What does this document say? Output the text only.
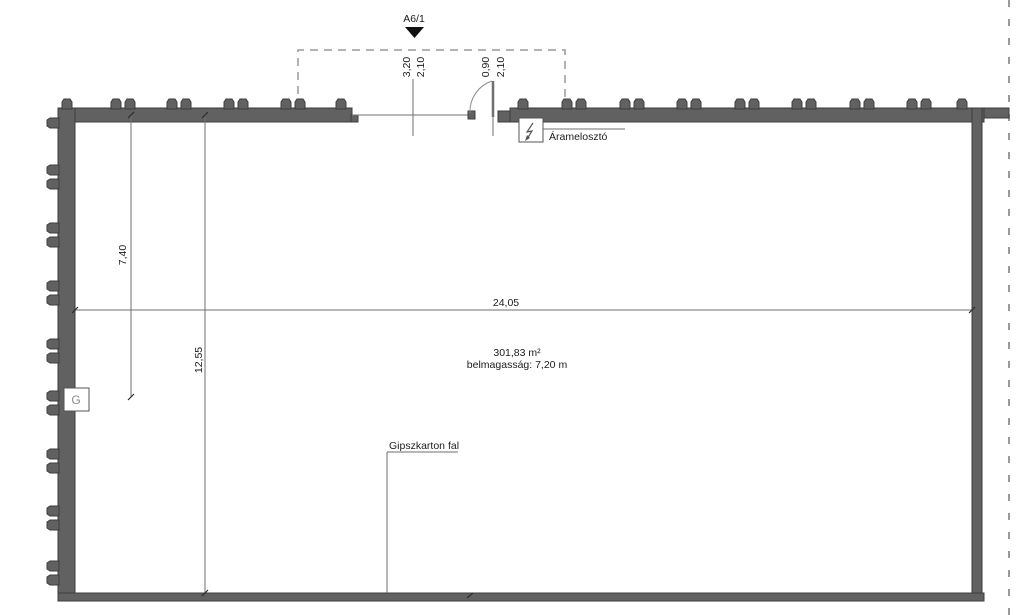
A6/1
3,20 2,10	0,90 2,10
Áramelosztó
7,40
12,55
24,05
301,83 m²
belmagasság: 7,20 m
Gipszkarton fal
G
